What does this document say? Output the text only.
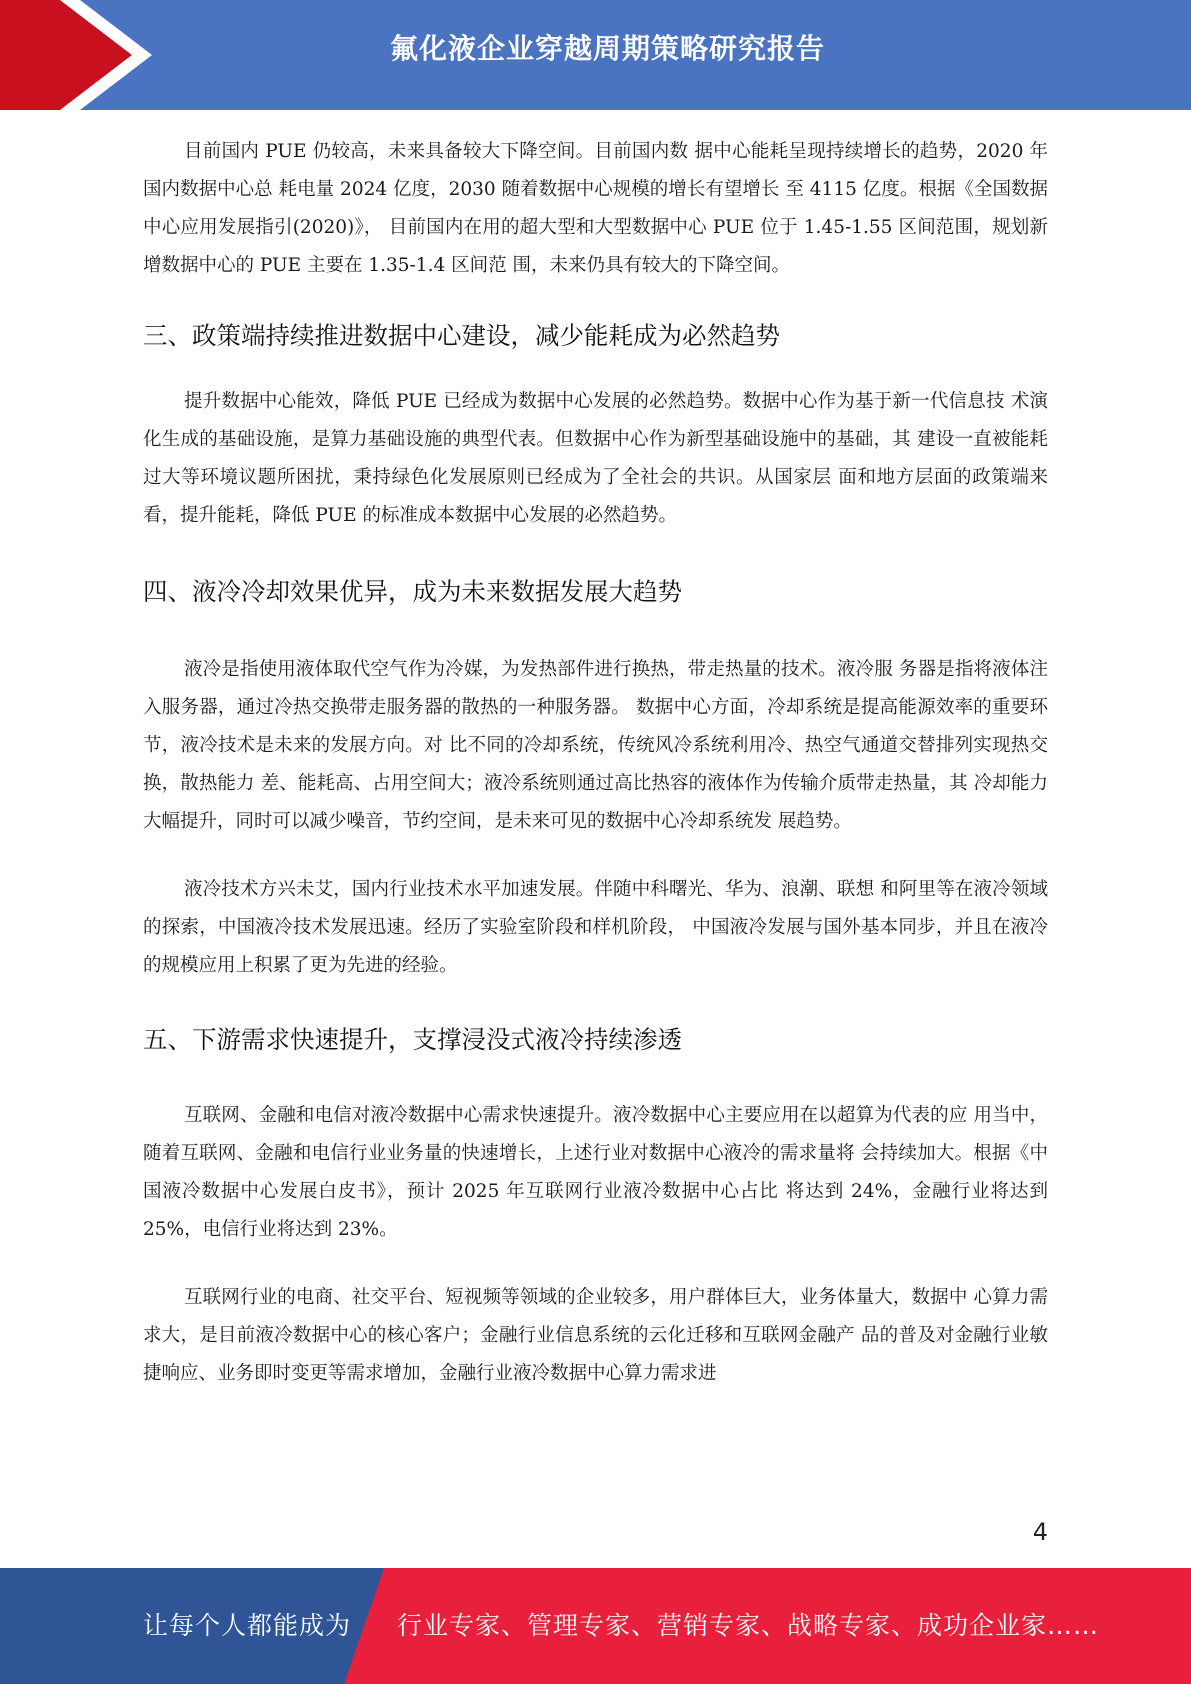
氟化液企业穿越周期策略研究报告

目前国内 PUE 仍较高，未来具备较大下降空间。目前国内数 据中心能耗呈现持续增长的趋势，2020 年国内数据中心总 耗电量 2024 亿度，2030 随着数据中心规模的增长有望增长 至 4115 亿度。根据《全国数据中心应用发展指引(2020)》， 目前国内在用的超大型和大型数据中心 PUE 位于 1.45-1.55 区间范围，规划新增数据中心的 PUE 主要在 1.35-1.4 区间范 围，未来仍具有较大的下降空间。

三、政策端持续推进数据中心建设，减少能耗成为必然趋势

提升数据中心能效，降低 PUE 已经成为数据中心发展的必然趋势。数据中心作为基于新一代信息技 术演化生成的基础设施，是算力基础设施的典型代表。但数据中心作为新型基础设施中的基础，其 建设一直被能耗过大等环境议题所困扰，秉持绿色化发展原则已经成为了全社会的共识。从国家层 面和地方层面的政策端来看，提升能耗，降低 PUE 的标准成本数据中心发展的必然趋势。

四、液冷冷却效果优异，成为未来数据发展大趋势

液冷是指使用液体取代空气作为冷媒，为发热部件进行换热，带走热量的技术。液冷服 务器是指将液体注入服务器，通过冷热交换带走服务器的散热的一种服务器。 数据中心方面，冷却系统是提高能源效率的重要环节，液冷技术是未来的发展方向。对 比不同的冷却系统，传统风冷系统利用冷、热空气通道交替排列实现热交换，散热能力 差、能耗高、占用空间大；液冷系统则通过高比热容的液体作为传输介质带走热量，其 冷却能力大幅提升，同时可以减少噪音，节约空间，是未来可见的数据中心冷却系统发 展趋势。

液冷技术方兴未艾，国内行业技术水平加速发展。伴随中科曙光、华为、浪潮、联想 和阿里等在液冷领域的探索，中国液冷技术发展迅速。经历了实验室阶段和样机阶段， 中国液冷发展与国外基本同步，并且在液冷的规模应用上积累了更为先进的经验。

五、下游需求快速提升，支撑浸没式液冷持续渗透

互联网、金融和电信对液冷数据中心需求快速提升。液冷数据中心主要应用在以超算为代表的应 用当中，随着互联网、金融和电信行业业务量的快速增长，上述行业对数据中心液冷的需求量将 会持续加大。根据《中国液冷数据中心发展白皮书》，预计 2025 年互联网行业液冷数据中心占比 将达到 24%，金融行业将达到 25%，电信行业将达到 23%。

互联网行业的电商、社交平台、短视频等领域的企业较多，用户群体巨大，业务体量大，数据中 心算力需求大，是目前液冷数据中心的核心客户；金融行业信息系统的云化迁移和互联网金融产 品的普及对金融行业敏捷响应、业务即时变更等需求增加，金融行业液冷数据中心算力需求进

4
让每个人都能成为 行业专家、管理专家、营销专家、战略专家、成功企业家……
